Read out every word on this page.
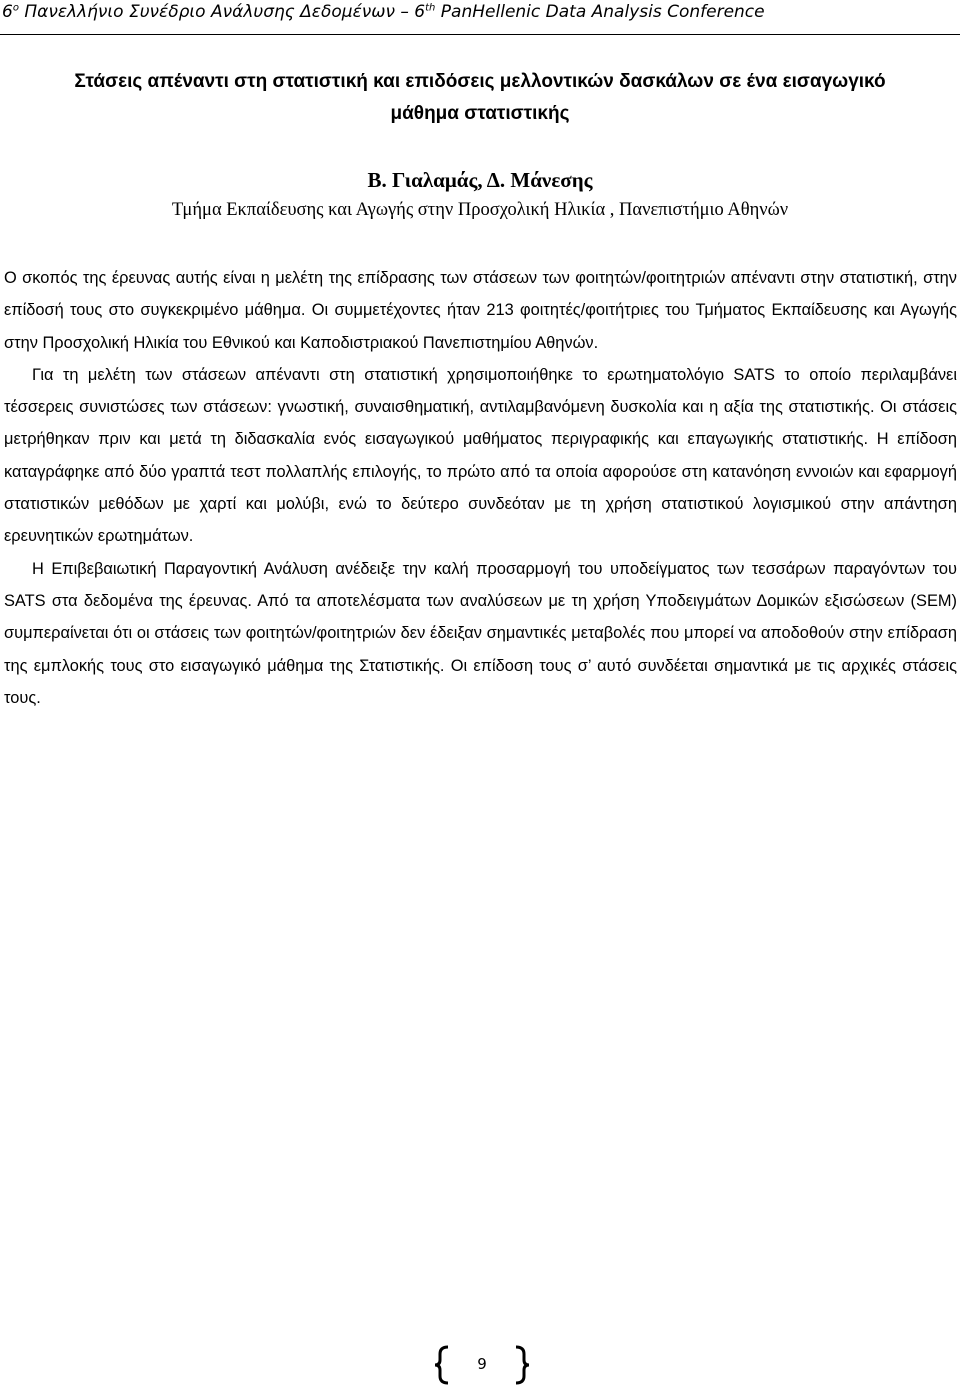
$6^o$ Πανελλήνιο Συνέδριο Ανάλυσης Δεδομένων – 6th PanHellenic Data Analysis Conference
Στάσεις απέναντι στη στατιστική και επιδόσεις μελλοντικών δασκάλων σε ένα εισαγωγικό
μάθημα στατιστικής
Β. Γιαλαμάς, Δ. Μάνεσης
Τμήμα Εκπαίδευσης και Αγωγής στην Προσχολική Ηλικία , Πανεπιστήμιο Αθηνών

Ο σκοπός της έρευνας αυτής είναι η μελέτη της επίδρασης των στάσεων των φοιτητών/φοιτητριών απέναντι στην στατιστική, στην επίδοσή τους στο συγκεκριμένο μάθημα. Οι συμμετέχοντες ήταν 213 φοιτητές/φοιτήτριες του Τμήματος Εκπαίδευσης και Αγωγής στην Προσχολική Ηλικία του Εθνικού και Καποδιστριακού Πανεπιστημίου Αθηνών.

Για τη μελέτη των στάσεων απέναντι στη στατιστική χρησιμοποιήθηκε το ερωτηματολόγιο SATS το οποίο περιλαμβάνει τέσσερεις συνιστώσες των στάσεων: γνωστική, συναισθηματική, αντιλαμβανόμενη δυσκολία και η αξία της στατιστικής. Οι στάσεις μετρήθηκαν πριν και μετά τη διδασκαλία ενός εισαγωγικού μαθήματος περιγραφικής και επαγωγικής στατιστικής. Η επίδοση καταγράφηκε από δύο γραπτά τεστ πολλαπλής επιλογής, το πρώτο από τα οποία αφορούσε στη κατανόηση εννοιών και εφαρμογή στατιστικών μεθόδων με χαρτί και μολύβι, ενώ το δεύτερο συνδεόταν με τη χρήση στατιστικού λογισμικού στην απάντηση ερευνητικών ερωτημάτων.

Η Επιβεβαιωτική Παραγοντική Ανάλυση ανέδειξε την καλή προσαρμογή του υποδείγματος των τεσσάρων παραγόντων του SATS στα δεδομένα της έρευνας. Από τα αποτελέσματα των αναλύσεων με τη χρήση Υποδειγμάτων Δομικών εξισώσεων (SEM) συμπεραίνεται ότι οι στάσεις των φοιτητών/φοιτητριών δεν έδειξαν σημαντικές μεταβολές που μπορεί να αποδοθούν στην επίδραση της εμπλοκής τους στο εισαγωγικό μάθημα της Στατιστικής. Οι επίδοση τους σ’ αυτό συνδέεται σημαντικά με τις αρχικές στάσεις τους.

9
